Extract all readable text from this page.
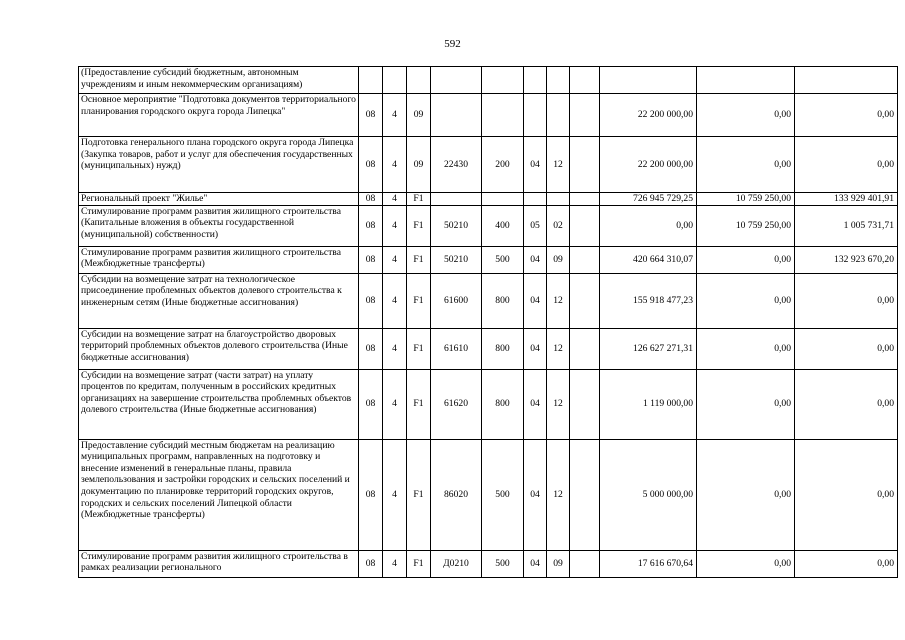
592
(Предоставление субсидий бюджетным, автономным учреждениям и иным некоммерческим организациям)											
Основное мероприятие "Подготовка документов территориального планирования городского округа города Липецка"	08	4	09						22 200 000,00	0,00	0,00
Подготовка генерального плана городского округа города Липецка (Закупка товаров, работ и услуг для обеспечения государственных (муниципальных) нужд)	08	4	09	22430	200	04	12		22 200 000,00	0,00	0,00
Региональный проект "Жилье"	08	4	F1						726 945 729,25	10 759 250,00	133 929 401,91
Стимулирование программ развития жилищного строительства (Капитальные вложения в объекты государственной (муниципальной) собственности)	08	4	F1	50210	400	05	02		0,00	10 759 250,00	1 005 731,71
Стимулирование программ развития жилищного строительства (Межбюджетные трансферты)	08	4	F1	50210	500	04	09		420 664 310,07	0,00	132 923 670,20
Субсидии на возмещение затрат на технологическое присоединение проблемных объектов долевого строительства к инженерным сетям (Иные бюджетные ассигнования)	08	4	F1	61600	800	04	12		155 918 477,23	0,00	0,00
Субсидии на возмещение затрат на благоустройство дворовых территорий проблемных объектов долевого строительства (Иные бюджетные ассигнования)	08	4	F1	61610	800	04	12		126 627 271,31	0,00	0,00
Субсидии на возмещение затрат (части затрат) на уплату процентов по кредитам, полученным в российских кредитных организациях на завершение строительства проблемных объектов долевого строительства (Иные бюджетные ассигнования)	08	4	F1	61620	800	04	12		1 119 000,00	0,00	0,00
Предоставление субсидий местным бюджетам на реализацию муниципальных программ, направленных на подготовку и внесение изменений в генеральные планы, правила землепользования и застройки городских и сельских поселений и документацию по планировке территорий городских округов, городских и сельских поселений Липецкой области (Межбюджетные трансферты)	08	4	F1	86020	500	04	12		5 000 000,00	0,00	0,00
Стимулирование программ развития жилищного строительства в рамках реализации регионального	08	4	F1	Д0210	500	04	09		17 616 670,64	0,00	0,00
